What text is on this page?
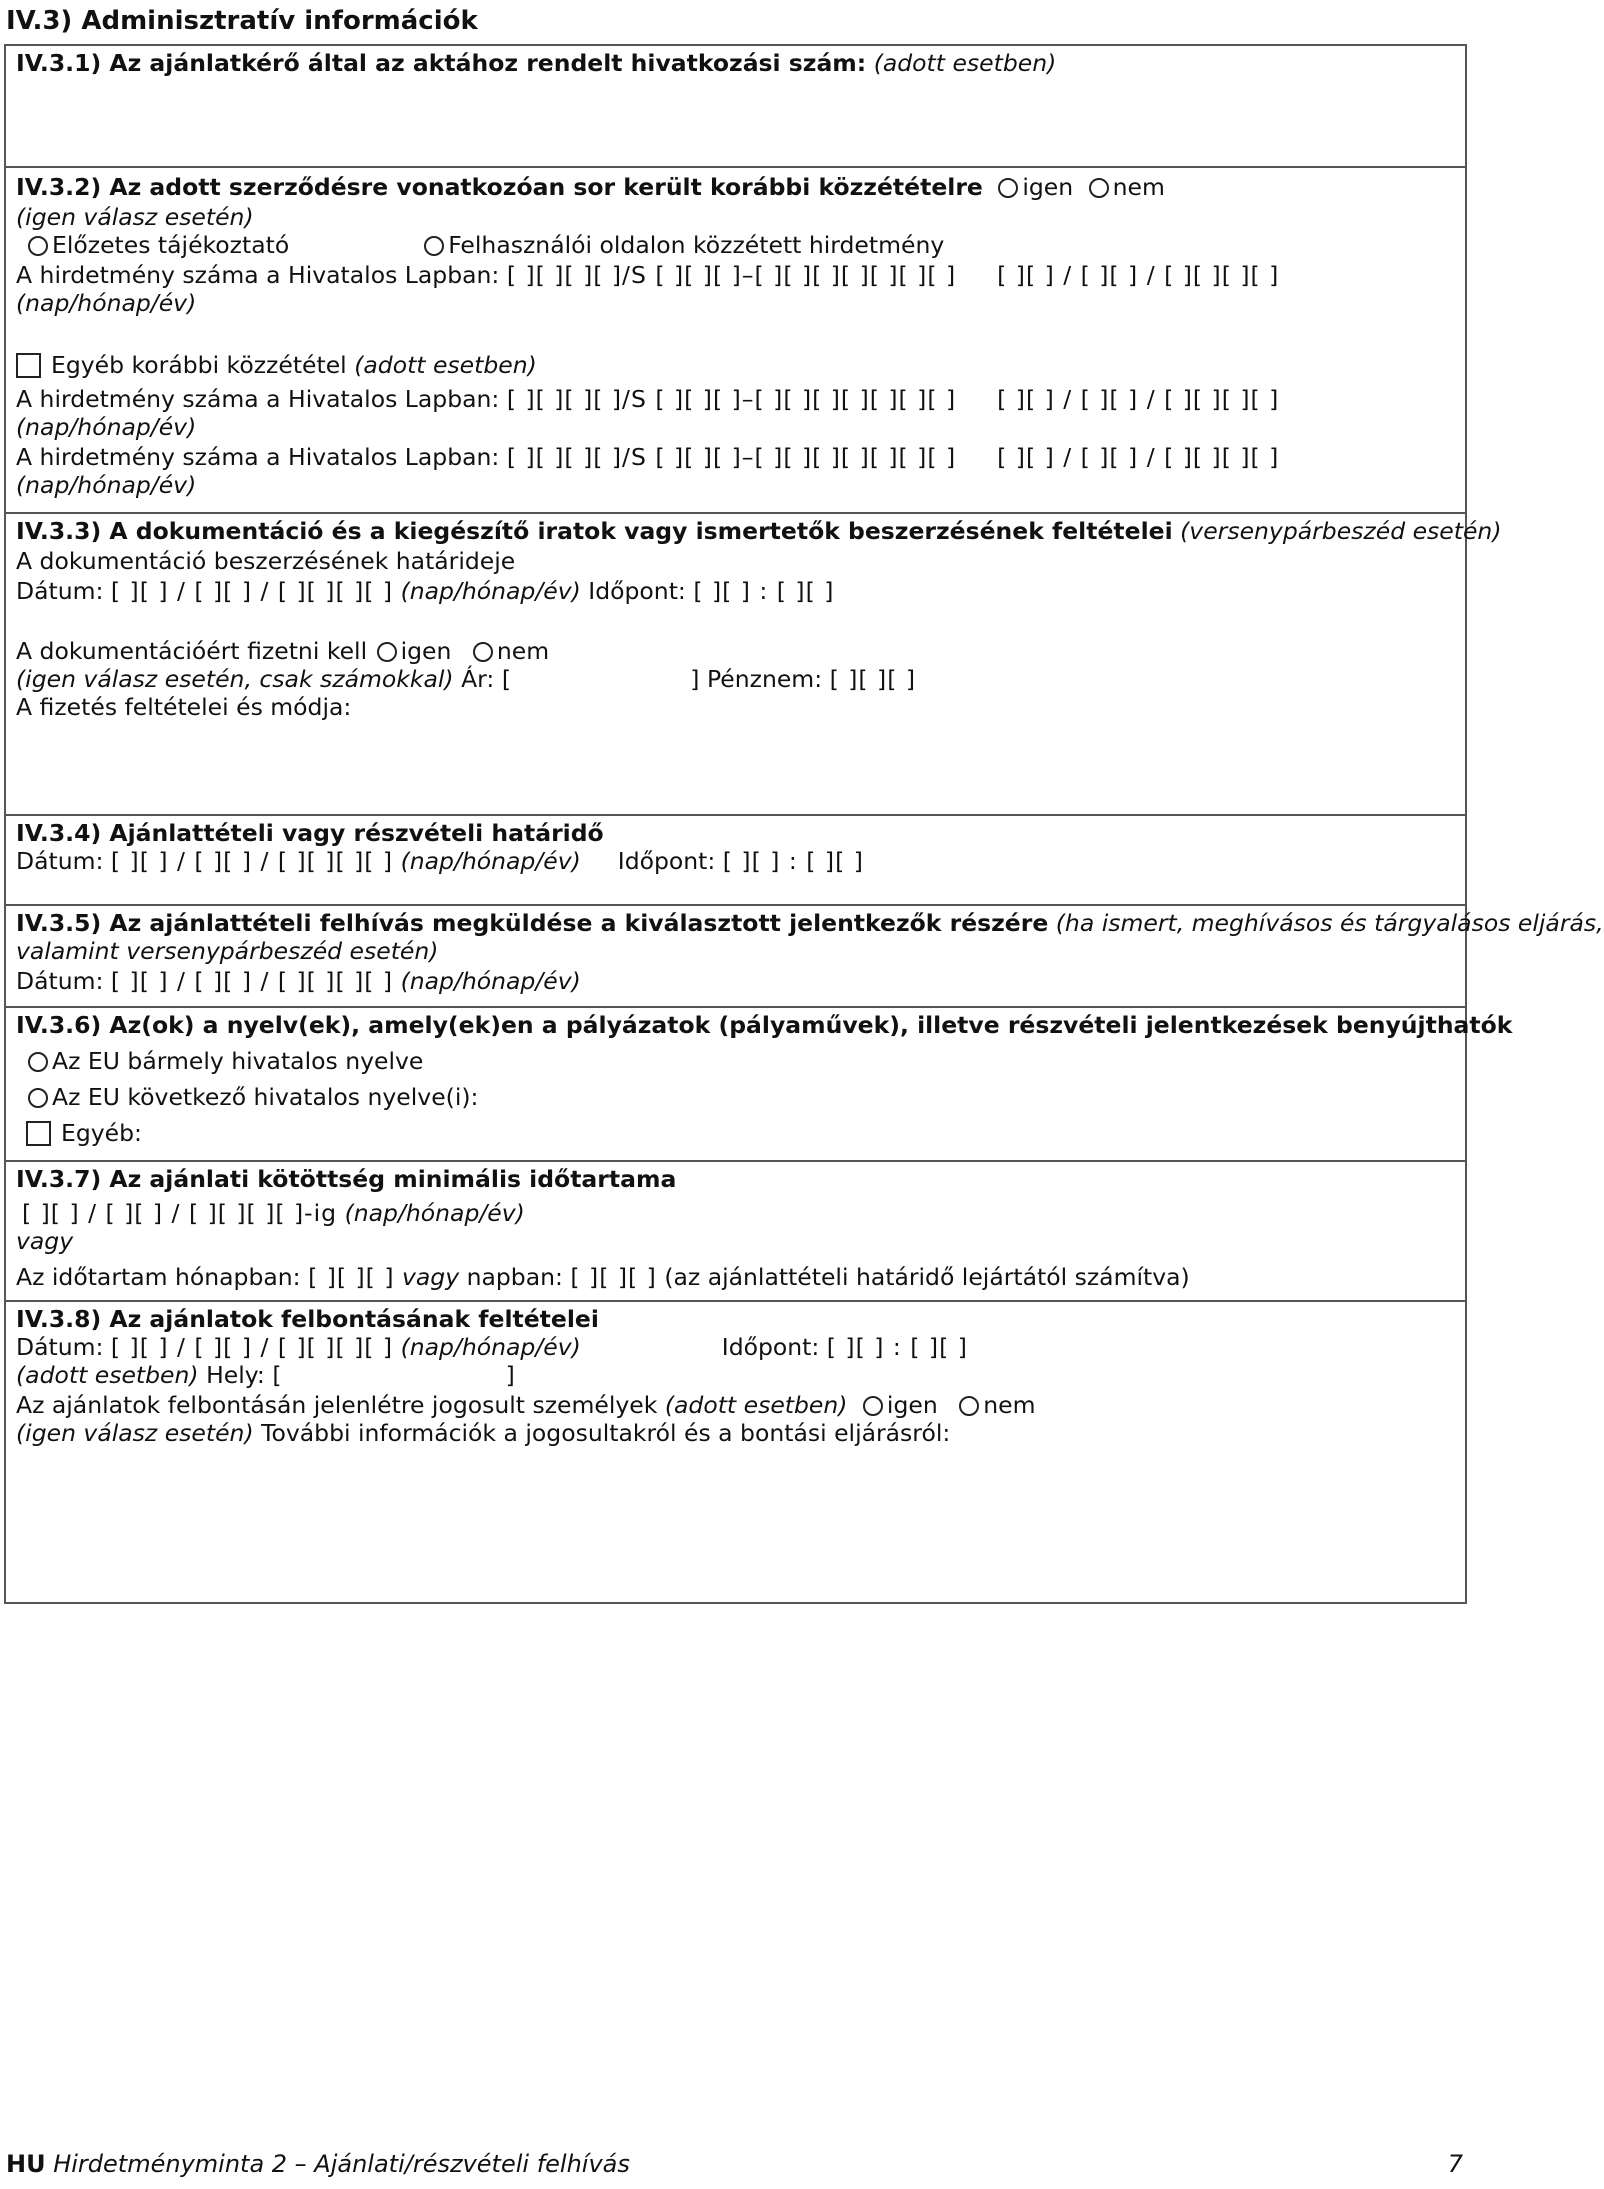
IV.3) Adminisztratív információk
IV.3.1) Az ajánlatkérő által az aktához rendelt hivatkozási szám: (adott esetben)
IV.3.2) Az adott szerződésre vonatkozóan sor került korábbi közzétételre igen nem
(igen válasz esetén)
Előzetes tájékoztató	Felhasználói oldalon közzétett hirdetmény
A hirdetmény száma a Hivatalos Lapban: [ ][ ][ ][ ]/S [ ][ ][ ]–[ ][ ][ ][ ][ ][ ][ ] [ ][ ] / [ ][ ] / [ ][ ][ ][ ]
(nap/hónap/év)
Egyéb korábbi közzététel (adott esetben)
A hirdetmény száma a Hivatalos Lapban: [ ][ ][ ][ ]/S [ ][ ][ ]–[ ][ ][ ][ ][ ][ ][ ] [ ][ ] / [ ][ ] / [ ][ ][ ][ ]
(nap/hónap/év)
A hirdetmény száma a Hivatalos Lapban: [ ][ ][ ][ ]/S [ ][ ][ ]–[ ][ ][ ][ ][ ][ ][ ] [ ][ ] / [ ][ ] / [ ][ ][ ][ ]
(nap/hónap/év)
IV.3.3) A dokumentáció és a kiegészítő iratok vagy ismertetők beszerzésének feltételei (versenypárbeszéd esetén)
A dokumentáció beszerzésének határideje
Dátum: [ ][ ] / [ ][ ] / [ ][ ][ ][ ] (nap/hónap/év) Időpont: [ ][ ] : [ ][ ]
A dokumentációért fizetni kell igen nem
(igen válasz esetén, csak számokkal) Ár: [                        ] Pénznem: [ ][ ][ ]
A fizetés feltételei és módja:
IV.3.4) Ajánlattételi vagy részvételi határidő
Dátum: [ ][ ] / [ ][ ] / [ ][ ][ ][ ] (nap/hónap/év) Időpont: [ ][ ] : [ ][ ]
IV.3.5) Az ajánlattételi felhívás megküldése a kiválasztott jelentkezők részére (ha ismert, meghívásos és tárgyalásos eljárás,
valamint versenypárbeszéd esetén)
Dátum: [ ][ ] / [ ][ ] / [ ][ ][ ][ ] (nap/hónap/év)
IV.3.6) Az(ok) a nyelv(ek), amely(ek)en a pályázatok (pályaművek), illetve részvételi jelentkezések benyújthatók
Az EU bármely hivatalos nyelve
Az EU következő hivatalos nyelve(i):
Egyéb:
IV.3.7) Az ajánlati kötöttség minimális időtartama
[ ][ ] / [ ][ ] / [ ][ ][ ][ ]-ig (nap/hónap/év)
vagy
Az időtartam hónapban: [ ][ ][ ] vagy napban: [ ][ ][ ] (az ajánlattételi határidő lejártától számítva)
IV.3.8) Az ajánlatok felbontásának feltételei
Dátum: [ ][ ] / [ ][ ] / [ ][ ][ ][ ] (nap/hónap/év)	Időpont: [ ][ ] : [ ][ ]
(adott esetben) Hely: [                              ]
Az ajánlatok felbontásán jelenlétre jogosult személyek (adott esetben) igen nem
(igen válasz esetén) További információk a jogosultakról és a bontási eljárásról:
HU Hirdetményminta 2 – Ajánlati/részvételi felhívás	7
